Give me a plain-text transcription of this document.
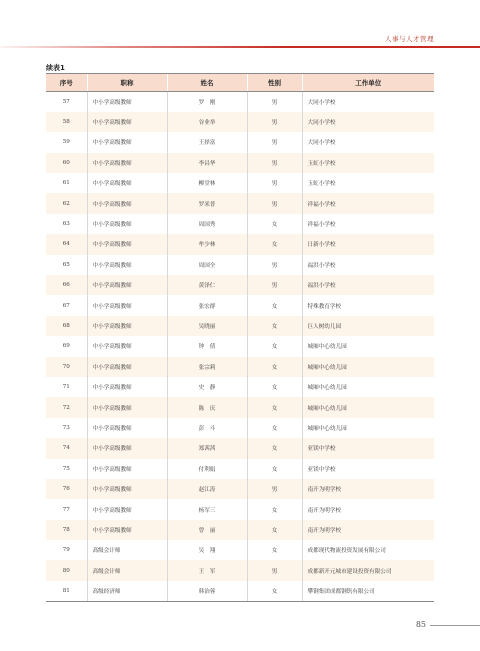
人事与人才管理
续表1
序号	职称	姓名	性别	工作单位
57	中小学高级教师	罗　刚	男	大同小学校
58	中小学高级教师	谷业举	男	大同小学校
59	中小学高级教师	王择富	男	大同小学校
60	中小学高级教师	李昌华	男	玉虹小学校
61	中小学高级教师	柳堂林	男	玉虹小学校
62	中小学高级教师	罗米普	男	祥福小学校
63	中小学高级教师	周国秀	女	祥福小学校
64	中小学高级教师	牟少林	女	日新小学校
65	中小学高级教师	周国全	男	福洪小学校
66	中小学高级教师	黄泽仁	男	福洪小学校
67	中小学高级教师	张宏群	女	特殊教育学校
68	中小学高级教师	吴晓丽	女	巨人树幼儿园
69	中小学高级教师	钟　倩	女	城厢中心幼儿园
70	中小学高级教师	张宗莉	女	城厢中心幼儿园
71	中小学高级教师	史　静	女	城厢中心幼儿园
72	中小学高级教师	陈　庆	女	城厢中心幼儿园
73	中小学高级教师	彭　斗	女	城厢中心幼儿园
74	中小学高级教师	郑茜茜	女	亚镁中学校
75	中小学高级教师	付利娟	女	亚镁中学校
76	中小学高级教师	赵江涛	男	南开为明学校
77	中小学高级教师	杨军三	女	南开为明学校
78	中小学高级教师	曾　丽	女	南开为明学校
79	高级会计师	吴　翔	女	成都现代物流投资发展有限公司
80	高级会计师	王　军	男	成都新开元城市建设投资有限公司
81	高级经济师	韩治蓉	女	攀钢集团成都钢钒有限公司
85
